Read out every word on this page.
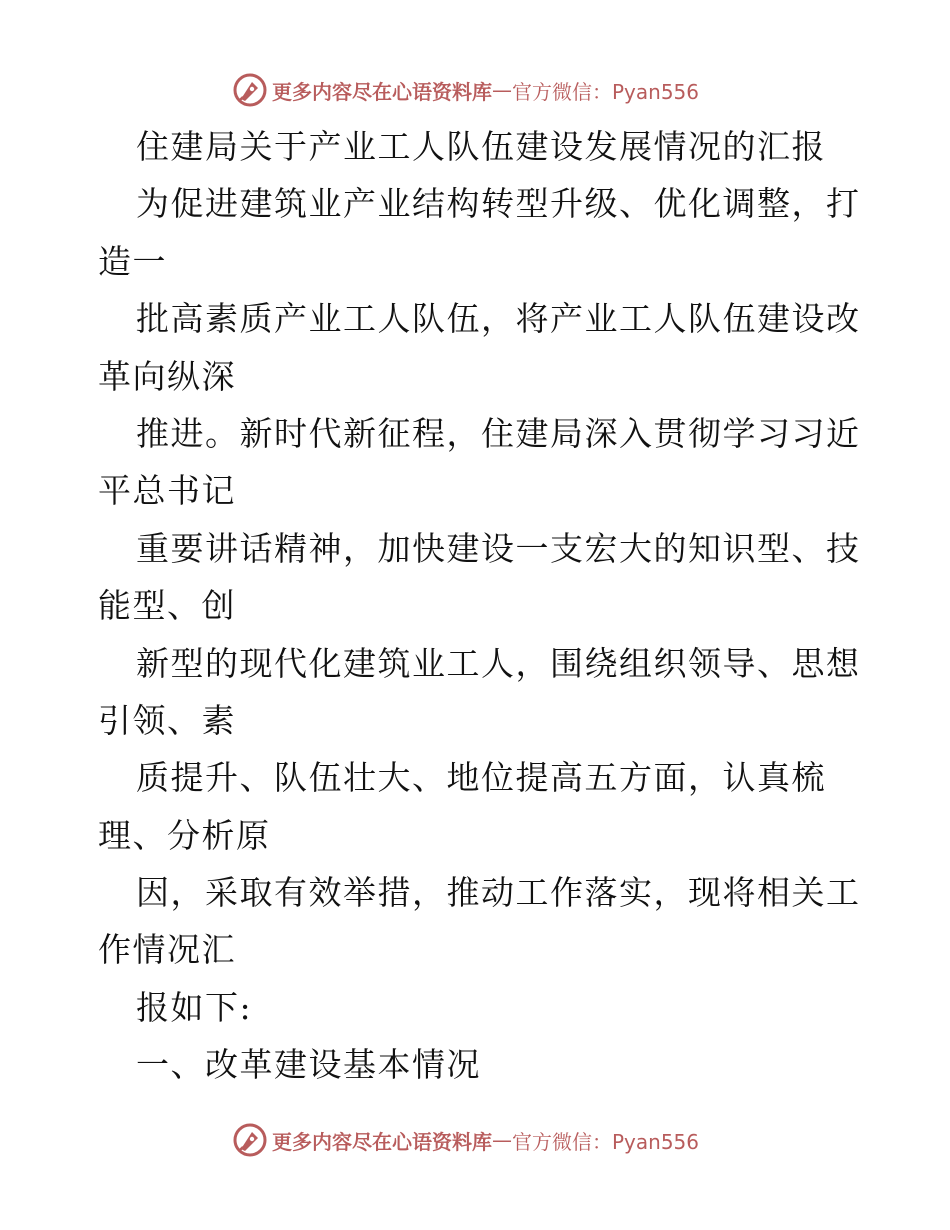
更多内容尽在心语资料库 — 官方微信：Pyan556
住建局关于产业工人队伍建设发展情况的汇报
为促进建筑业产业结构转型升级、优化调整，打
造一
批高素质产业工人队伍，将产业工人队伍建设改
革向纵深
推进。新时代新征程，住建局深入贯彻学习习近
平总书记
重要讲话精神，加快建设一支宏大的知识型、技
能型、创
新型的现代化建筑业工人，围绕组织领导、思想
引领、素
质提升、队伍壮大、地位提高五方面，认真梳
理、分析原
因，采取有效举措，推动工作落实，现将相关工
作情况汇
报如下:
一、改革建设基本情况
更多内容尽在心语资料库 — 官方微信：Pyan556
